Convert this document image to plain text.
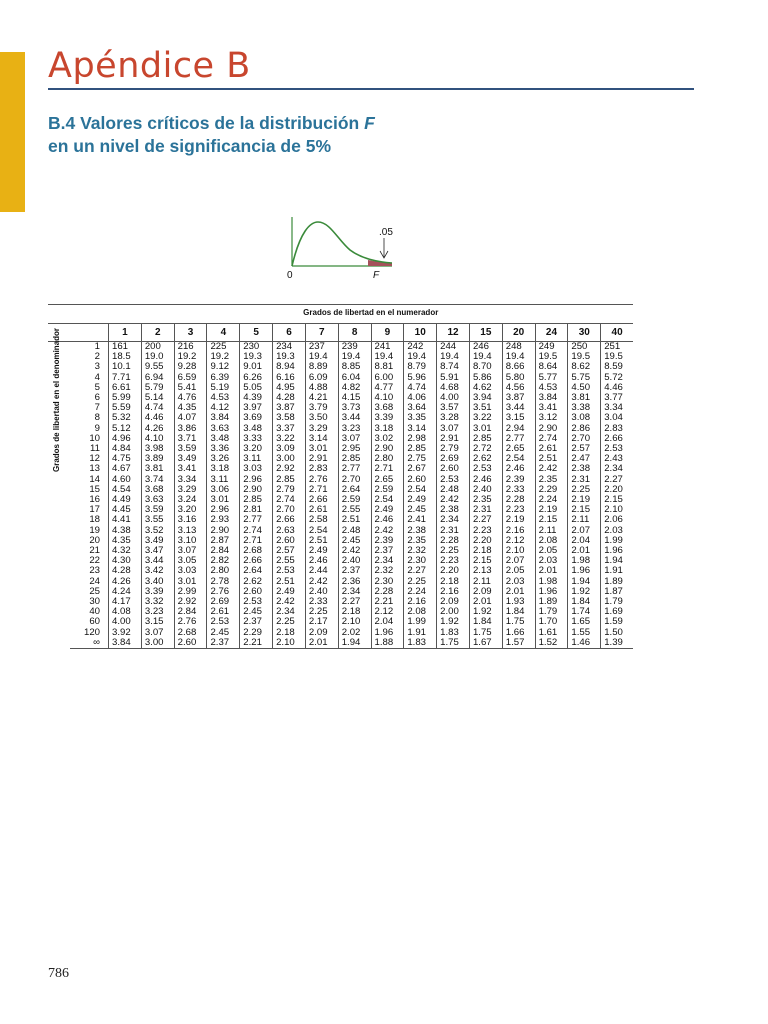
Apéndice B
B.4 Valores críticos de la distribución F
en un nivel de significancia de 5%
.05
0	F
		Grados de libertad en el numerador															
		1	2	3	4	5	6	7	8	9	10	12	15	20	24	30	40

Grados de libertad en el denominador	1	161	200	216	225	230	234	237	239	241	242	244	246	248	249	250	251
	2	18.5	19.0	19.2	19.2	19.3	19.3	19.4	19.4	19.4	19.4	19.4	19.4	19.4	19.5	19.5	19.5
	3	10.1	9.55	9.28	9.12	9.01	8.94	8.89	8.85	8.81	8.79	8.74	8.70	8.66	8.64	8.62	8.59
	4	7.71	6.94	6.59	6.39	6.26	6.16	6.09	6.04	6.00	5.96	5.91	5.86	5.80	5.77	5.75	5.72
	5	6.61	5.79	5.41	5.19	5.05	4.95	4.88	4.82	4.77	4.74	4.68	4.62	4.56	4.53	4.50	4.46
	6	5.99	5.14	4.76	4.53	4.39	4.28	4.21	4.15	4.10	4.06	4.00	3.94	3.87	3.84	3.81	3.77
	7	5.59	4.74	4.35	4.12	3.97	3.87	3.79	3.73	3.68	3.64	3.57	3.51	3.44	3.41	3.38	3.34
	8	5.32	4.46	4.07	3.84	3.69	3.58	3.50	3.44	3.39	3.35	3.28	3.22	3.15	3.12	3.08	3.04
	9	5.12	4.26	3.86	3.63	3.48	3.37	3.29	3.23	3.18	3.14	3.07	3.01	2.94	2.90	2.86	2.83
	10	4.96	4.10	3.71	3.48	3.33	3.22	3.14	3.07	3.02	2.98	2.91	2.85	2.77	2.74	2.70	2.66
	11	4.84	3.98	3.59	3.36	3.20	3.09	3.01	2.95	2.90	2.85	2.79	2.72	2.65	2.61	2.57	2.53
	12	4.75	3.89	3.49	3.26	3.11	3.00	2.91	2.85	2.80	2.75	2.69	2.62	2.54	2.51	2.47	2.43
	13	4.67	3.81	3.41	3.18	3.03	2.92	2.83	2.77	2.71	2.67	2.60	2.53	2.46	2.42	2.38	2.34
	14	4.60	3.74	3.34	3.11	2.96	2.85	2.76	2.70	2.65	2.60	2.53	2.46	2.39	2.35	2.31	2.27
	15	4.54	3.68	3.29	3.06	2.90	2.79	2.71	2.64	2.59	2.54	2.48	2.40	2.33	2.29	2.25	2.20
	16	4.49	3.63	3.24	3.01	2.85	2.74	2.66	2.59	2.54	2.49	2.42	2.35	2.28	2.24	2.19	2.15
	17	4.45	3.59	3.20	2.96	2.81	2.70	2.61	2.55	2.49	2.45	2.38	2.31	2.23	2.19	2.15	2.10
	18	4.41	3.55	3.16	2.93	2.77	2.66	2.58	2.51	2.46	2.41	2.34	2.27	2.19	2.15	2.11	2.06
	19	4.38	3.52	3.13	2.90	2.74	2.63	2.54	2.48	2.42	2.38	2.31	2.23	2.16	2.11	2.07	2.03
	20	4.35	3.49	3.10	2.87	2.71	2.60	2.51	2.45	2.39	2.35	2.28	2.20	2.12	2.08	2.04	1.99
	21	4.32	3.47	3.07	2.84	2.68	2.57	2.49	2.42	2.37	2.32	2.25	2.18	2.10	2.05	2.01	1.96
	22	4.30	3.44	3.05	2.82	2.66	2.55	2.46	2.40	2.34	2.30	2.23	2.15	2.07	2.03	1.98	1.94
	23	4.28	3.42	3.03	2.80	2.64	2.53	2.44	2.37	2.32	2.27	2.20	2.13	2.05	2.01	1.96	1.91
	24	4.26	3.40	3.01	2.78	2.62	2.51	2.42	2.36	2.30	2.25	2.18	2.11	2.03	1.98	1.94	1.89
	25	4.24	3.39	2.99	2.76	2.60	2.49	2.40	2.34	2.28	2.24	2.16	2.09	2.01	1.96	1.92	1.87
	30	4.17	3.32	2.92	2.69	2.53	2.42	2.33	2.27	2.21	2.16	2.09	2.01	1.93	1.89	1.84	1.79
	40	4.08	3.23	2.84	2.61	2.45	2.34	2.25	2.18	2.12	2.08	2.00	1.92	1.84	1.79	1.74	1.69
	60	4.00	3.15	2.76	2.53	2.37	2.25	2.17	2.10	2.04	1.99	1.92	1.84	1.75	1.70	1.65	1.59
	120	3.92	3.07	2.68	2.45	2.29	2.18	2.09	2.02	1.96	1.91	1.83	1.75	1.66	1.61	1.55	1.50
	∞	3.84	3.00	2.60	2.37	2.21	2.10	2.01	1.94	1.88	1.83	1.75	1.67	1.57	1.52	1.46	1.39
786
